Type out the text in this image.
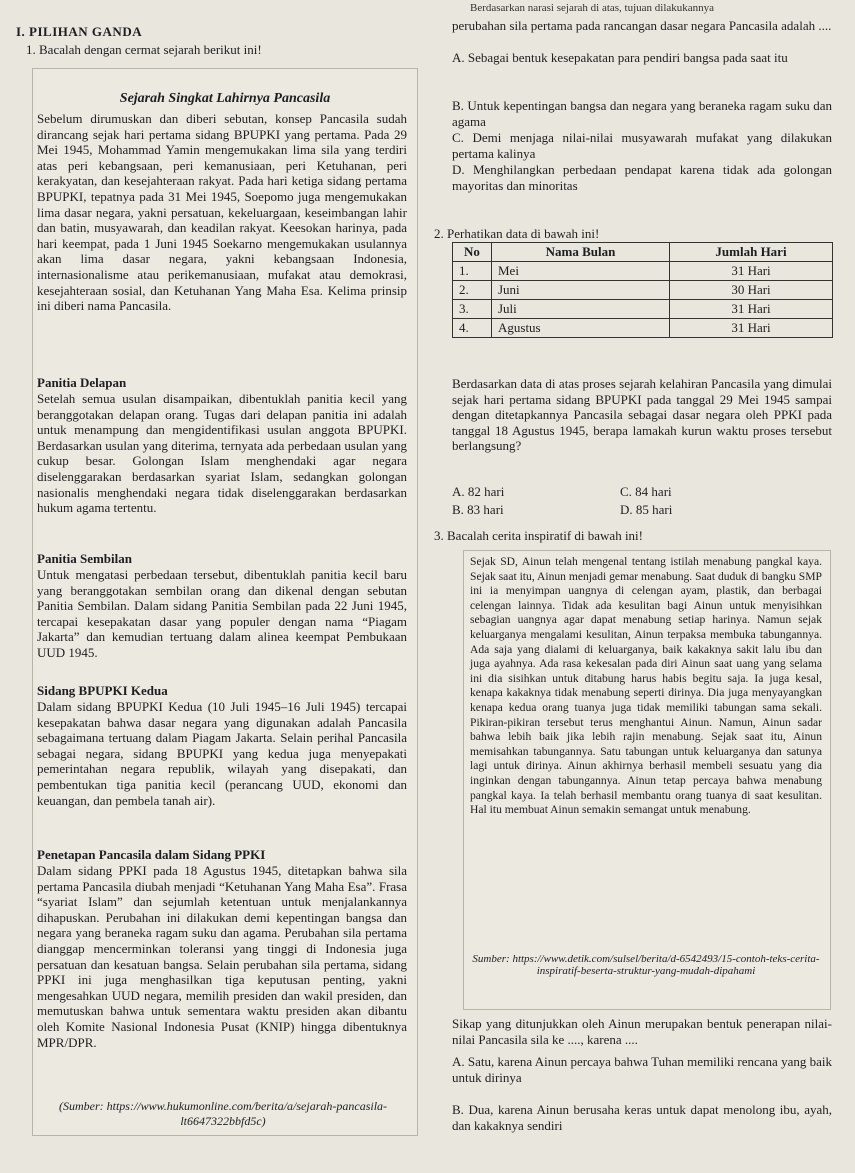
Berdasarkan narasi sejarah di atas, tujuan dilakukannya
I. PILIHAN GANDA
1. Bacalah dengan cermat sejarah berikut ini!
Sejarah Singkat Lahirnya Pancasila

Sebelum dirumuskan dan diberi sebutan, konsep Pancasila sudah dirancang sejak hari pertama sidang BPUPKI yang pertama. Pada 29 Mei 1945, Mohammad Yamin mengemukakan lima sila yang terdiri atas peri kebangsaan, peri kemanusiaan, peri Ketuhanan, peri kerakyatan, dan kesejahteraan rakyat. Pada hari ketiga sidang pertama BPUPKI, tepatnya pada 31 Mei 1945, Soepomo juga mengemukakan lima dasar negara, yakni persatuan, kekeluargaan, keseimbangan lahir dan batin, musyawarah, dan keadilan rakyat. Keesokan harinya, pada hari keempat, pada 1 Juni 1945 Soekarno mengemukakan usulannya akan lima dasar negara, yakni kebangsaan Indonesia, internasionalisme atau perikemanusiaan, mufakat atau demokrasi, kesejahteraan sosial, dan Ketuhanan Yang Maha Esa. Kelima prinsip ini diberi nama Pancasila.

Panitia Delapan

Setelah semua usulan disampaikan, dibentuklah panitia kecil yang beranggotakan delapan orang. Tugas dari delapan panitia ini adalah untuk menampung dan mengidentifikasi usulan anggota BPUPKI. Berdasarkan usulan yang diterima, ternyata ada perbedaan usulan yang cukup besar. Golongan Islam menghendaki agar negara diselenggarakan berdasarkan syariat Islam, sedangkan golongan nasionalis menghendaki negara tidak diselenggarakan berdasarkan hukum agama tertentu.

Panitia Sembilan

Untuk mengatasi perbedaan tersebut, dibentuklah panitia kecil baru yang beranggotakan sembilan orang dan dikenal dengan sebutan Panitia Sembilan. Dalam sidang Panitia Sembilan pada 22 Juni 1945, tercapai kesepakatan dasar yang populer dengan nama “Piagam Jakarta” dan kemudian tertuang dalam alinea keempat Pembukaan UUD 1945.

Sidang BPUPKI Kedua

Dalam sidang BPUPKI Kedua (10 Juli 1945–16 Juli 1945) tercapai kesepakatan bahwa dasar negara yang digunakan adalah Pancasila sebagaimana tertuang dalam Piagam Jakarta. Selain perihal Pancasila sebagai negara, sidang BPUPKI yang kedua juga menyepakati pemerintahan negara republik, wilayah yang disepakati, dan pembentukan tiga panitia kecil (perancang UUD, ekonomi dan keuangan, dan pembela tanah air).

Penetapan Pancasila dalam Sidang PPKI

Dalam sidang PPKI pada 18 Agustus 1945, ditetapkan bahwa sila pertama Pancasila diubah menjadi “Ketuhanan Yang Maha Esa”. Frasa “syariat Islam” dan sejumlah ketentuan untuk menjalankannya dihapuskan. Perubahan ini dilakukan demi kepentingan bangsa dan negara yang beraneka ragam suku dan agama. Perubahan sila pertama dianggap mencerminkan toleransi yang tinggi di Indonesia juga persatuan dan kesatuan bangsa. Selain perubahan sila pertama, sidang PPKI ini juga menghasilkan tiga keputusan penting, yakni mengesahkan UUD negara, memilih presiden dan wakil presiden, dan memutuskan bahwa untuk sementara waktu presiden akan dibantu oleh Komite Nasional Indonesia Pusat (KNIP) hingga dibentuknya MPR/DPR.

(Sumber: https://www.hukumonline.com/berita/a/sejarah-pancasila-lt6647322bbfd5c)

perubahan sila pertama pada rancangan dasar negara Pancasila adalah ....

A. Sebagai bentuk kesepakatan para pendiri bangsa pada saat itu

B. Untuk kepentingan bangsa dan negara yang beraneka ragam suku dan agama

C. Demi menjaga nilai-nilai musyawarah mufakat yang dilakukan pertama kalinya

D. Menghilangkan perbedaan pendapat karena tidak ada golongan mayoritas dan minoritas

2. Perhatikan data di bawah ini!
No	Nama Bulan	Jumlah Hari
1.	Mei	31 Hari
2.	Juni	30 Hari
3.	Juli	31 Hari
4.	Agustus	31 Hari

Berdasarkan data di atas proses sejarah kelahiran Pancasila yang dimulai sejak hari pertama sidang BPUPKI pada tanggal 29 Mei 1945 sampai dengan ditetapkannya Pancasila sebagai dasar negara oleh PPKI pada tanggal 18 Agustus 1945, berapa lamakah kurun waktu proses tersebut berlangsung?

A. 82 hari	C. 84 hari
B. 83 hari	D. 85 hari
3. Bacalah cerita inspiratif di bawah ini!

Sejak SD, Ainun telah mengenal tentang istilah menabung pangkal kaya. Sejak saat itu, Ainun menjadi gemar menabung. Saat duduk di bangku SMP ini ia menyimpan uangnya di celengan ayam, plastik, dan berbagai celengan lainnya. Tidak ada kesulitan bagi Ainun untuk menyisihkan sebagian uangnya agar dapat menabung setiap harinya. Namun sejak keluarganya mengalami kesulitan, Ainun terpaksa membuka tabungannya. Ada saja yang dialami di keluarganya, baik kakaknya sakit lalu ibu dan juga ayahnya. Ada rasa kekesalan pada diri Ainun saat uang yang selama ini dia sisihkan untuk ditabung harus habis begitu saja. Ia juga kesal, kenapa kakaknya tidak menabung seperti dirinya. Dia juga menyayangkan kenapa kedua orang tuanya juga tidak memiliki tabungan sama sekali. Pikiran-pikiran tersebut terus menghantui Ainun. Namun, Ainun sadar bahwa lebih baik jika lebih rajin menabung. Sejak saat itu, Ainun memisahkan tabungannya. Satu tabungan untuk keluarganya dan satunya lagi untuk dirinya. Ainun akhirnya berhasil membeli sesuatu yang dia inginkan dengan tabungannya. Ainun tetap percaya bahwa menabung pangkal kaya. Ia telah berhasil membantu orang tuanya di saat kesulitan. Hal itu membuat Ainun semakin semangat untuk menabung.

Sumber: https://www.detik.com/sulsel/berita/d-6542493/15-contoh-teks-cerita-inspiratif-beserta-struktur-yang-mudah-dipahami

Sikap yang ditunjukkan oleh Ainun merupakan bentuk penerapan nilai-nilai Pancasila sila ke ...., karena ....

A. Satu, karena Ainun percaya bahwa Tuhan memiliki rencana yang baik untuk dirinya

B. Dua, karena Ainun berusaha keras untuk dapat menolong ibu, ayah, dan kakaknya sendiri
